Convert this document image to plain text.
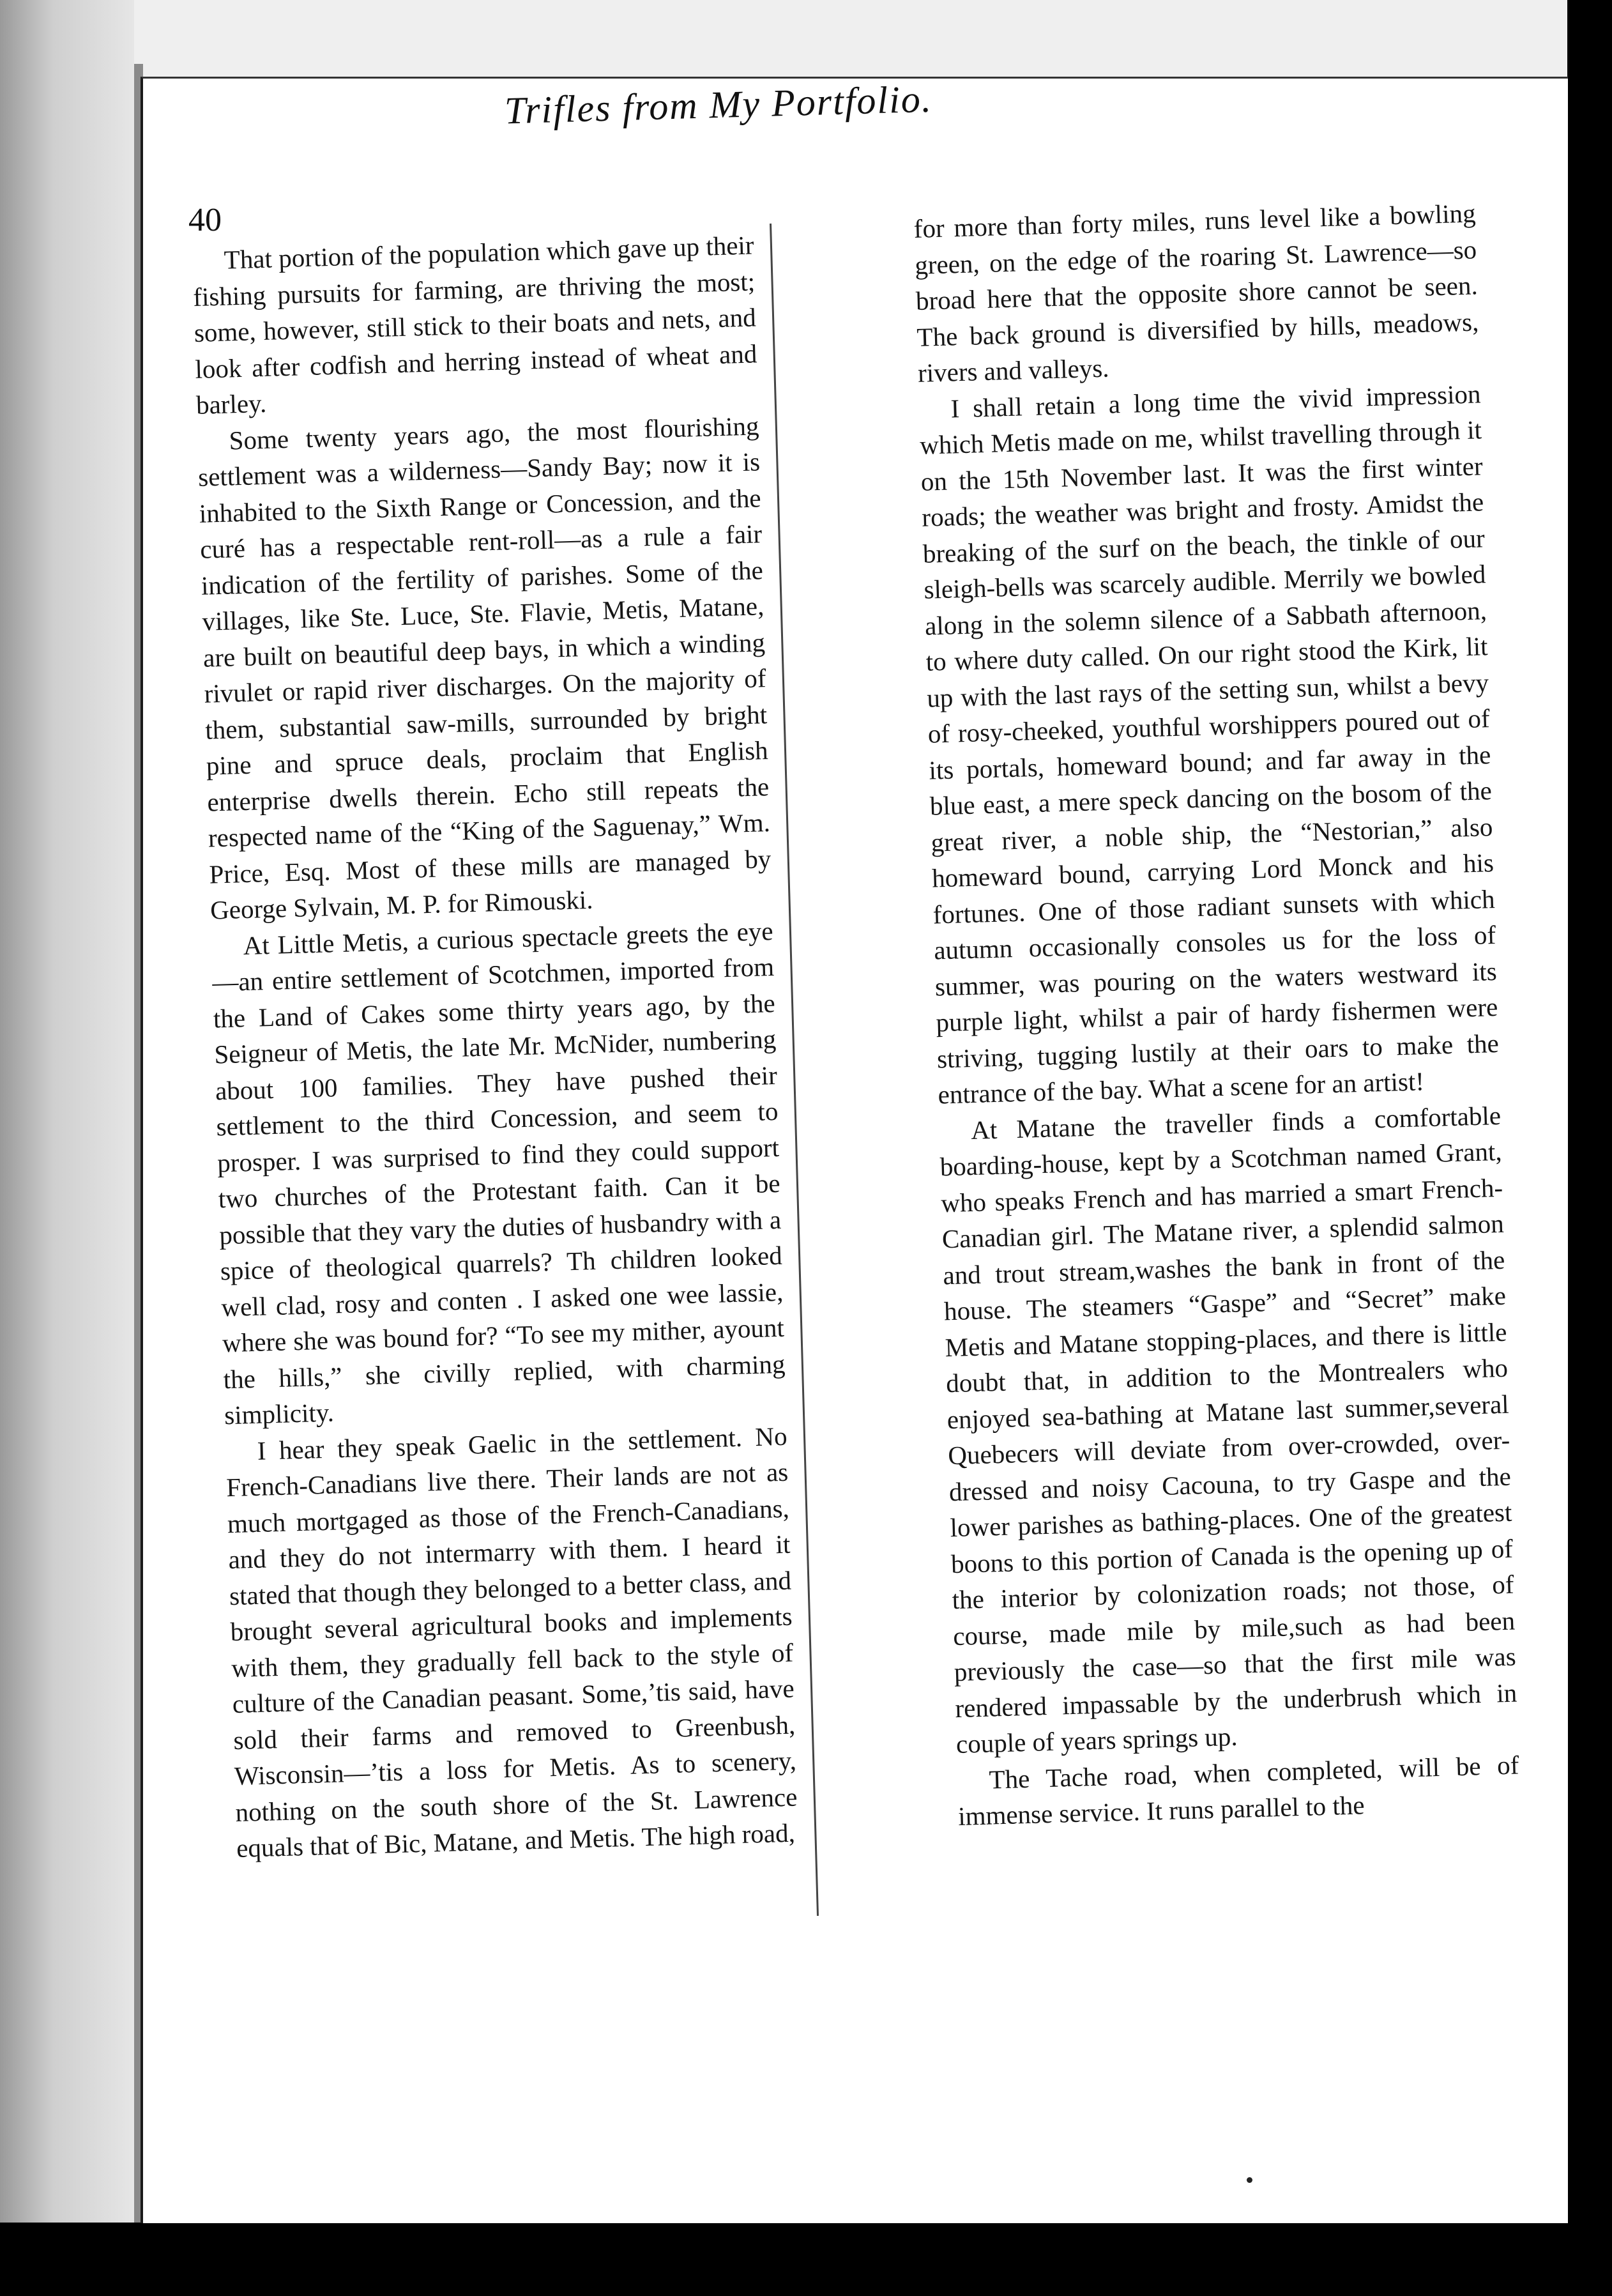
Trifles from My Portfolio.
40

That portion of the population which gave up their fishing pursuits for farming, are thriving the most; some, however, still stick to their boats and nets, and look after codfish and herring instead of wheat and barley.

Some twenty years ago, the most flourishing settlement was a wilderness—Sandy Bay; now it is inhabited to the Sixth Range or Concession, and the curé has a respectable rent-roll—as a rule a fair indication of the fertility of parishes. Some of the villages, like Ste. Luce, Ste. Flavie, Metis, Matane, are built on beautiful deep bays, in which a winding rivulet or rapid river discharges. On the majority of them, substantial saw-mills, surrounded by bright pine and spruce deals, proclaim that English enterprise dwells therein. Echo still repeats the respected name of the “King of the Saguenay,” Wm. Price, Esq. Most of these mills are managed by George Sylvain, M. P. for Rimouski.

At Little Metis, a curious spectacle greets the eye—an entire settlement of Scotchmen, imported from the Land of Cakes some thirty years ago, by the Seigneur of Metis, the late Mr. McNider, numbering about 100 families. They have pushed their settlement to the third Concession, and seem to prosper. I was surprised to find they could support two churches of the Protestant faith. Can it be possible that they vary the duties of husbandry with a spice of theological quarrels? Th children looked well clad, rosy and conten . I asked one wee lassie, where she was bound for? “To see my mither, ayount the hills,” she civilly replied, with charming simplicity.

I hear they speak Gaelic in the settlement. No French-Canadians live there. Their lands are not as much mortgaged as those of the French-Canadians, and they do not intermarry with them. I heard it stated that though they belonged to a better class, and brought several agricultural books and implements with them, they gradually fell back to the style of culture of the Canadian peasant. Some,’tis said, have sold their farms and removed to Greenbush, Wisconsin—’tis a loss for Metis. As to scenery, nothing on the south shore of the St. Lawrence equals that of Bic, Matane, and Metis. The high road,

for more than forty miles, runs level like a bowling green, on the edge of the roaring St. Lawrence—so broad here that the opposite shore cannot be seen. The back ground is diversified by hills, meadows, rivers and valleys.

I shall retain a long time the vivid impression which Metis made on me, whilst travelling through it on the 15th November last. It was the first winter roads; the weather was bright and frosty. Amidst the breaking of the surf on the beach, the tinkle of our sleigh-bells was scarcely audible. Merrily we bowled along in the solemn silence of a Sabbath afternoon, to where duty called. On our right stood the Kirk, lit up with the last rays of the setting sun, whilst a bevy of rosy-cheeked, youthful worshippers poured out of its portals, homeward bound; and far away in the blue east, a mere speck dancing on the bosom of the great river, a noble ship, the “Nestorian,” also homeward bound, carrying Lord Monck and his fortunes. One of those radiant sunsets with which autumn occasionally consoles us for the loss of summer, was pouring on the waters westward its purple light, whilst a pair of hardy fishermen were striving, tugging lustily at their oars to make the entrance of the bay. What a scene for an artist!

At Matane the traveller finds a comfortable boarding-house, kept by a Scotchman named Grant, who speaks French and has married a smart French-Canadian girl. The Matane river, a splendid salmon and trout stream,washes the bank in front of the house. The steamers “Gaspe” and “Secret” make Metis and Matane stopping-places, and there is little doubt that, in addition to the Montrealers who enjoyed sea-bathing at Matane last summer,several Quebecers will deviate from over-crowded, over-dressed and noisy Cacouna, to try Gaspe and the lower parishes as bathing-places. One of the greatest boons to this portion of Canada is the opening up of the interior by colonization roads; not those, of course, made mile by mile,such as had been previously the case—so that the first mile was rendered impassable by the underbrush which in couple of years springs up.

The Tache road, when completed, will be of immense service. It runs parallel to the
